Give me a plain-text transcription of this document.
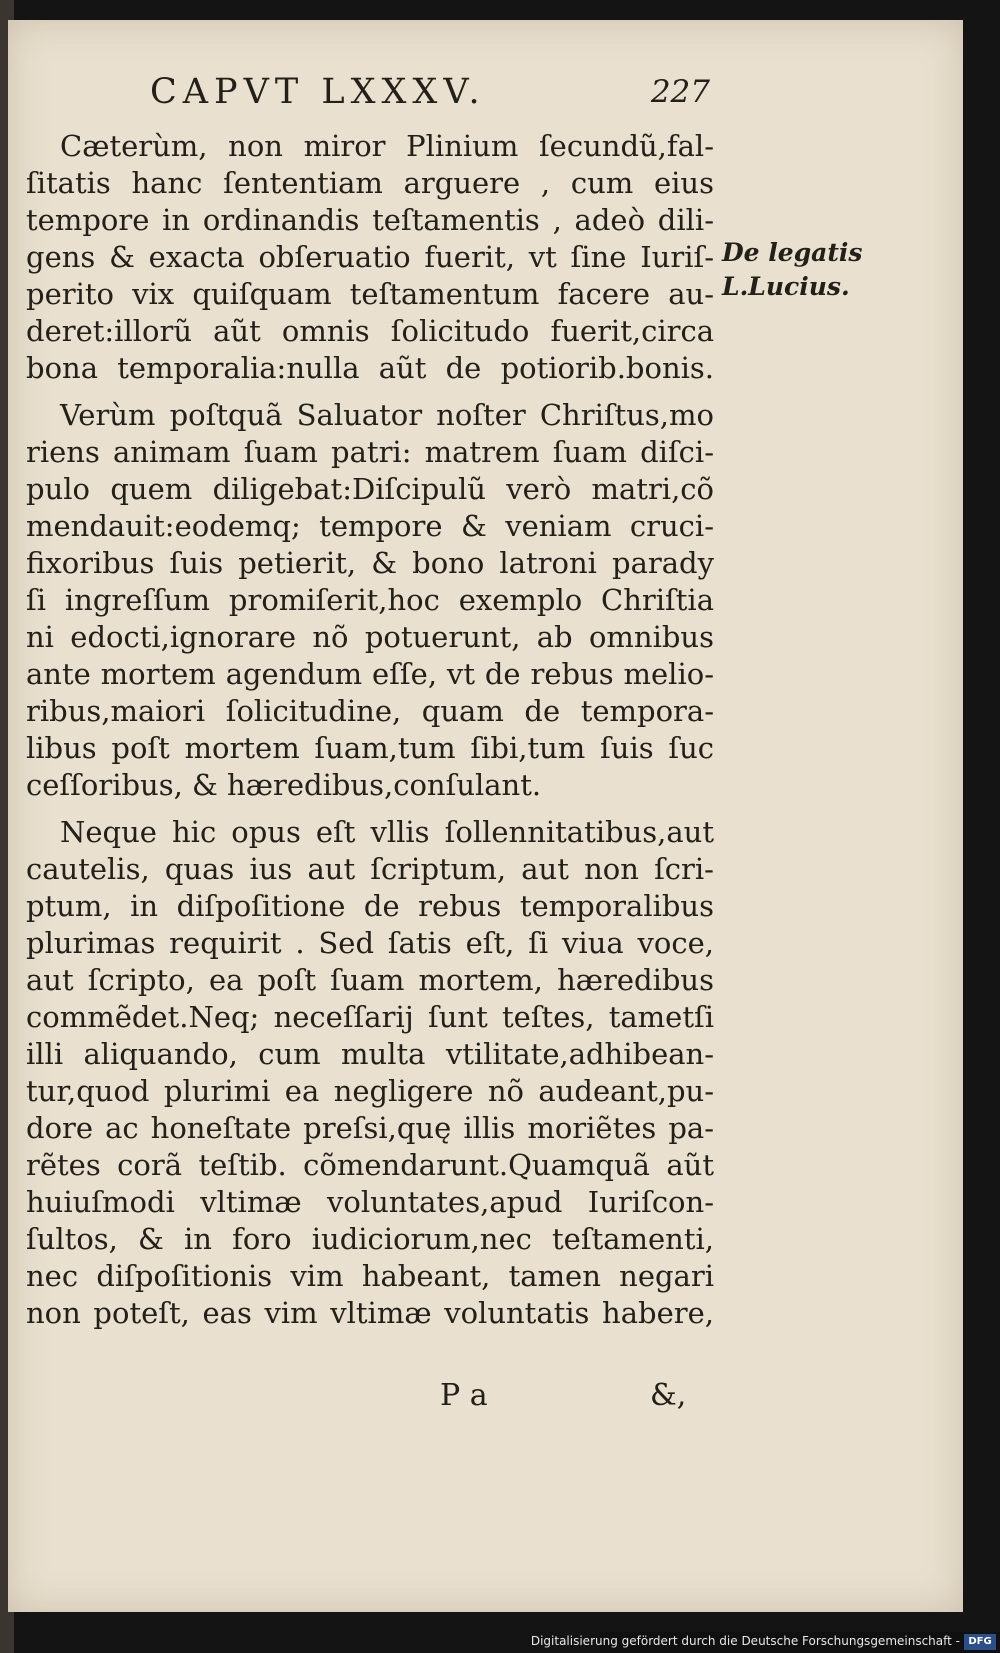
CAPVT LXXXV.	227
Cæterùm, non miror Plinium ſecundũ,fal-
ſitatis hanc ſententiam arguere , cum eius
tempore in ordinandis teſtamentis , adeò dili-
gens & exacta obſeruatio fuerit, vt ſine Iuriſ-
perito vix quiſquam teſtamentum facere au-
deret:illorũ aũt omnis ſolicitudo fuerit,circa
bona temporalia:nulla aũt de potiorib.bonis.
Verùm poſtquã Saluator noſter Chriſtus,mo
riens animam ſuam patri: matrem ſuam diſci-
pulo quem diligebat:Diſcipulũ verò matri,cõ
mendauit:eodemq; tempore & veniam cruci-
fixoribus ſuis petierit, & bono latroni parady
ſi ingreſſum promiſerit,hoc exemplo Chriſtia
ni edocti,ignorare nõ potuerunt, ab omnibus
ante mortem agendum eſſe, vt de rebus melio-
ribus,maiori ſolicitudine, quam de tempora-
libus poſt mortem ſuam,tum ſibi,tum ſuis ſuc
ceſſoribus, & hæredibus,conſulant.
Neque hic opus eſt vllis ſollennitatibus,aut
cautelis, quas ius aut ſcriptum, aut non ſcri-
ptum, in diſpoſitione de rebus temporalibus
plurimas requirit . Sed ſatis eſt, ſi viua voce,
aut ſcripto, ea poſt ſuam mortem, hæredibus
commẽdet.Neq; neceſſarij ſunt teſtes, tametſi
illi aliquando, cum multa vtilitate,adhibean-
tur,quod plurimi ea negligere nõ audeant,pu-
dore ac honeſtate preſsi,quę illis moriẽtes pa-
rẽtes corã teſtib. cõmendarunt.Quamquã aũt
huiuſmodi vltimæ voluntates,apud Iuriſcon-
ſultos, & in foro iudiciorum,nec teſtamenti,
nec diſpoſitionis vim habeant, tamen negari
non poteſt, eas vim vltimæ voluntatis habere,
De legatis
L.Lucius.
P a	&,
Digitalisierung gefördert durch die Deutsche Forschungsgemeinschaft - DFG
